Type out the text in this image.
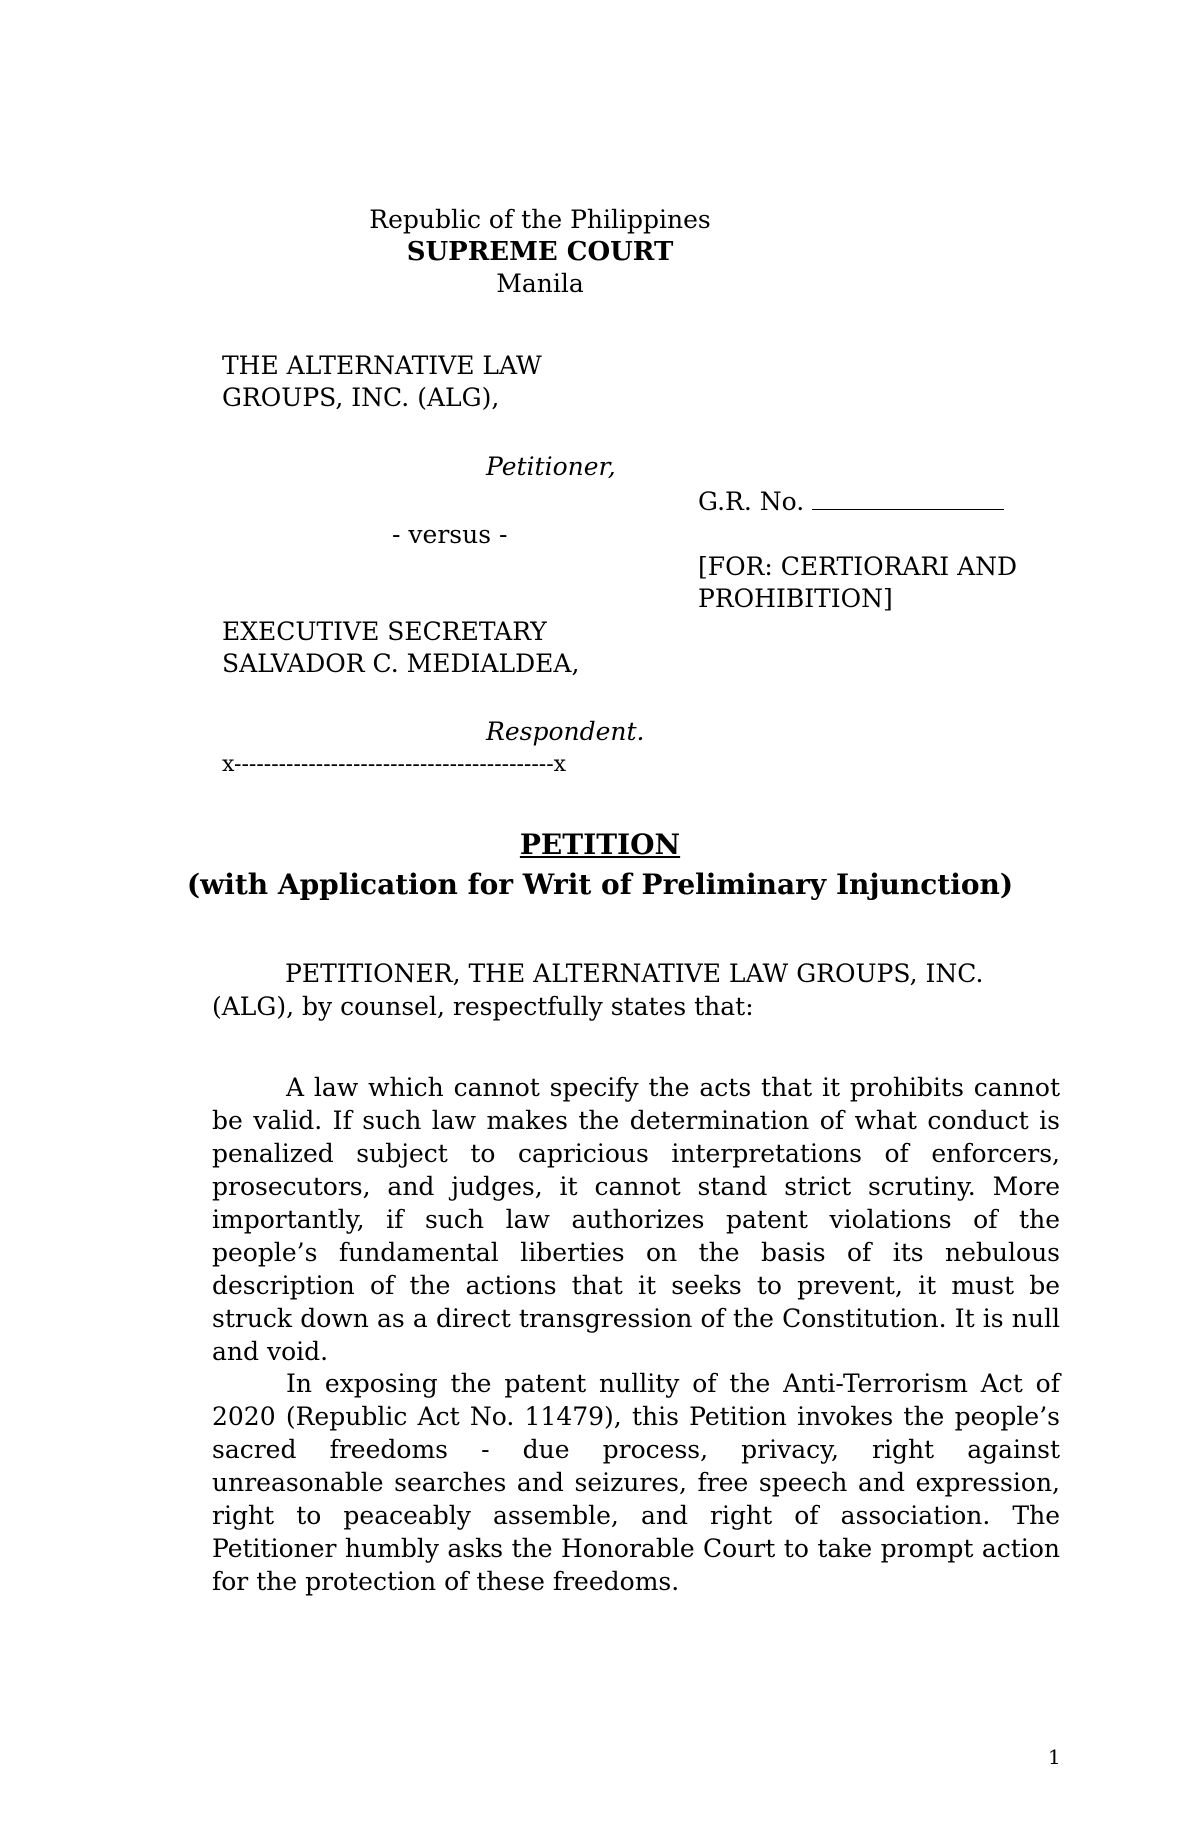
Republic of the Philippines
SUPREME COURT
Manila
THE ALTERNATIVE LAW
GROUPS, INC. (ALG),
Petitioner,
- versus -
EXECUTIVE SECRETARY
SALVADOR C. MEDIALDEA,
Respondent.
x-------------------------------------------x
G.R. No.
[FOR: CERTIORARI AND
PROHIBITION]
PETITION
(with Application for Writ of Preliminary Injunction)
PETITIONER, THE ALTERNATIVE LAW GROUPS, INC.
(ALG), by counsel, respectfully states that:
A law which cannot specify the acts that it prohibits cannot be valid. If such law makes the determination of what conduct is penalized subject to capricious interpretations of enforcers, prosecutors, and judges, it cannot stand strict scrutiny. More importantly, if such law authorizes patent violations of the people’s fundamental liberties on the basis of its nebulous description of the actions that it seeks to prevent, it must be struck down as a direct transgression of the Constitution. It is null and void.
In exposing the patent nullity of the Anti-Terrorism Act of 2020 (Republic Act No. 11479), this Petition invokes the people’s sacred freedoms - due process, privacy, right against unreasonable searches and seizures, free speech and expression, right to peaceably assemble, and right of association. The Petitioner humbly asks the Honorable Court to take prompt action for the protection of these freedoms.
1
